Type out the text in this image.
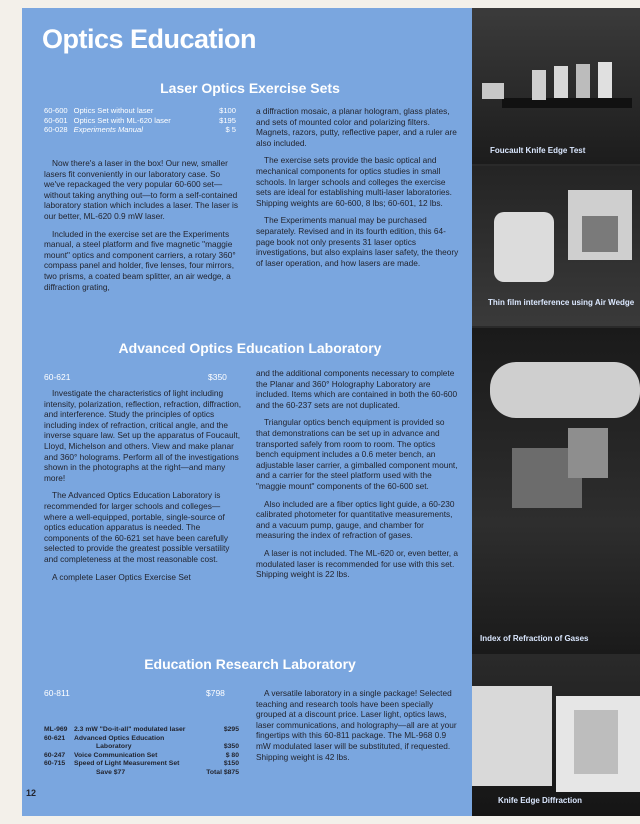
Optics Education
Laser Optics Exercise Sets
60-600 Optics Set without laser	$100
60-601 Optics Set with ML-620 laser	$195
60-028 Experiments Manual	$ 5

Now there's a laser in the box! Our new, smaller lasers fit conveniently in our laboratory case. So we've repackaged the very popular 60-600 set—without taking anything out—to form a self-contained laboratory station which includes a laser. The laser is our better, ML-620 0.9 mW laser.

Included in the exercise set are the Experiments manual, a steel platform and five magnetic "maggie mount" optics and component carriers, a rotary 360° compass panel and holder, five lenses, four mirrors, two prisms, a coated beam splitter, an air wedge, a diffraction grating,

a diffraction mosaic, a planar hologram, glass plates, and sets of mounted color and polarizing filters. Magnets, razors, putty, reflective paper, and a ruler are also included.

The exercise sets provide the basic optical and mechanical components for optics studies in small schools. In larger schools and colleges the exercise sets are ideal for establishing multi-laser laboratories. Shipping weights are 60-600, 8 lbs; 60-601, 12 lbs.

The Experiments manual may be purchased separately. Revised and in its fourth edition, this 64-page book not only presents 31 laser optics investigations, but also explains laser safety, the theory of laser operation, and how lasers are made.

Advanced Optics Education Laboratory
60-621	$350

Investigate the characteristics of light including intensity, polarization, reflection, refraction, diffraction, and interference. Study the principles of optics including index of refraction, critical angle, and the inverse square law. Set up the apparatus of Foucault, Lloyd, Michelson and others. View and make planar and 360° holograms. Perform all of the investigations shown in the photographs at the right—and many more!

The Advanced Optics Education Laboratory is recommended for larger schools and colleges—where a well-equipped, portable, single-source of optics education apparatus is needed. The components of the 60-621 set have been carefully selected to provide the greatest possible versatility and completeness at the most reasonable cost.

A complete Laser Optics Exercise Set

and the additional components necessary to complete the Planar and 360° Holography Laboratory are included. Items which are contained in both the 60-600 and the 60-237 sets are not duplicated.

Triangular optics bench equipment is provided so that demonstrations can be set up in advance and transported safely from room to room. The optics bench equipment includes a 0.6 meter bench, an adjustable laser carrier, a gimballed component mount, and a carrier for the steel platform used with the "maggie mount" components of the 60-600 set.

Also included are a fiber optics light guide, a 60-230 calibrated photometer for quantitative measurements, and a vacuum pump, gauge, and chamber for measuring the index of refraction of gases.

A laser is not included. The ML-620 or, even better, a modulated laser is recommended for use with this set. Shipping weight is 22 lbs.

Education Research Laboratory
60-811	$798
ML-969 2.3 mW "Do-it-all" modulated laser	$295
60-621	Advanced Optics Education
Laboratory	$350
60-247	Voice Communication Set	$ 80
60-715	Speed of Light Measurement Set	$150
Save $77	Total $875

A versatile laboratory in a single package! Selected teaching and research tools have been specially grouped at a discount price. Laser light, optics laws, laser communications, and holography—all are at your fingertips with this 60-811 package. The ML-968 0.9 mW modulated laser will be substituted, if requested. Shipping weight is 42 lbs.

12
Foucault Knife Edge Test
Thin film interference using Air Wedge
Index of Refraction of Gases
Knife Edge Diffraction
